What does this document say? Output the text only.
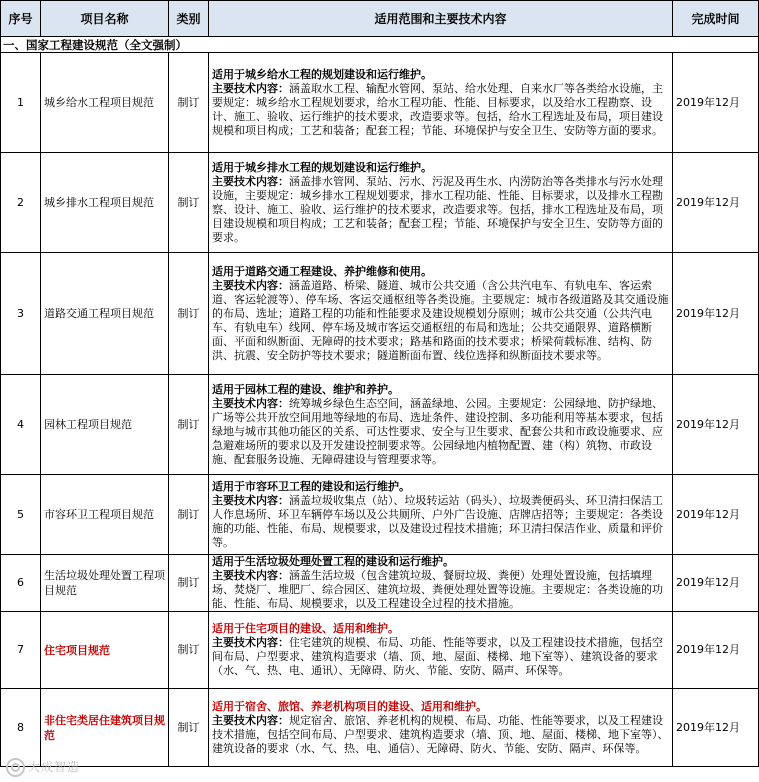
序号	项目名称	类别	适用范围和主要技术内容	完成时间
一、国家工程建设规范（全文强制）				
1	城乡给水工程项目规范	制订	适用于城乡给水工程的规划建设和运行维护。

主要技术内容：涵盖取水工程、输配水管网、泵站、给水处理、自来水厂等各类给水设施，主要规定：城乡给水工程规划要求，给水工程功能、性能、目标要求，以及给水工程勘察、设计、施工、验收、运行维护的技术要求，改造要求等。包括，给水工程选址及布局，项目建设规模和项目构成；工艺和装备；配套工程；节能、环境保护与安全卫生、安防等方面的要求。	2019年12月
2	城乡排水工程项目规范	制订	适用于城乡排水工程的规划建设和运行维护。

主要技术内容：涵盖排水管网、泵站、污水、污泥及再生水、内涝防治等各类排水与污水处理设施，主要规定：城乡排水工程规划要求，排水工程功能、性能、目标要求，以及排水工程勘察、设计、施工、验收、运行维护的技术要求，改造要求等。包括，排水工程选址及布局，项目建设规模和项目构成；工艺和装备；配套工程；节能、环境保护与安全卫生、安防等方面的要求。	2019年12月
3	道路交通工程项目规范	制订	适用于道路交通工程建设、养护维修和使用。

主要技术内容：涵盖道路、桥梁、隧道、城市公共交通（含公共汽电车、有轨电车、客运索道、客运轮渡等）、停车场、客运交通枢纽等各类设施。主要规定：城市各级道路及其交通设施的布局、选址；道路工程的功能和性能要求及建设规模划分原则；城市公共交通（公共汽电车、有轨电车）线网、停车场及城市客运交通枢纽的布局和选址；公共交通限界、道路横断面、平面和纵断面、无障碍的技术要求；路基和路面的技术要求；桥梁荷载标准、结构、防洪、抗震、安全防护等技术要求；隧道断面布置、线位选择和纵断面技术要求等。	2019年12月
4	园林工程项目规范	制订	适用于园林工程的建设、维护和养护。

主要技术内容：统筹城乡绿色生态空间，涵盖绿地、公园。主要规定：公园绿地、防护绿地、广场等公共开放空间用地等绿地的布局、选址条件、建设控制、多功能利用等基本要求，包括绿地与城市其他功能区的关系、可达性要求、安全与卫生要求、配套公共和市政设施要求、应急避难场所的要求以及开发建设控制要求等。公园绿地内植物配置、建（构）筑物、市政设施、配套服务设施、无障碍建设与管理要求等。	2019年12月
5	市容环卫工程项目规范	制订	适用于市容环卫工程的建设和运行维护。

主要技术内容：涵盖垃圾收集点（站）、垃圾转运站（码头）、垃圾粪便码头、环卫清扫保洁工人作息场所、环卫车辆停车场以及公共厕所、户外广告设施、店牌店招等；主要规定：各类设施的功能、性能、布局、规模要求，以及建设过程技术措施；环卫清扫保洁作业、质量和评价等。	2019年12月
6	生活垃圾处理处置工程项目规范	制订	适用于生活垃圾处理处置工程的建设和运行维护。

主要技术内容：涵盖生活垃圾（包含建筑垃圾、餐厨垃圾、粪便）处理处置设施，包括填埋场、焚烧厂、堆肥厂、综合园区、建筑垃圾、粪便处理处置等设施。主要规定：各类设施的功能、性能、布局、规模要求，以及工程建设全过程的技术措施。	2019年12月
7	住宅项目规范	制订	适用于住宅项目的建设、适用和维护。

主要技术内容：住宅建筑的规模、布局、功能、性能等要求，以及工程建设技术措施，包括空间布局、户型要求、建筑构造要求（墙、顶、地、屋面、楼梯、地下室等）、建筑设备的要求（水、气、热、电、通讯）、无障碍、防火、节能、安防、隔声、环保等。	2019年12月
8	非住宅类居住建筑项目规范	制订	适用于宿舍、旅馆、养老机构项目的建设、适用和维护。

主要技术内容：规定宿舍、旅馆、养老机构的规模、布局、功能、性能等要求，以及工程建设技术措施，包括空间布局、户型要求、建筑构造要求（墙、顶、地、屋面、楼梯、地下室等）、建筑设备的要求（水、气、热、电、通信）、无障碍、防火、节能、安防、隔声、环保等。	2019年12月
大成智造
